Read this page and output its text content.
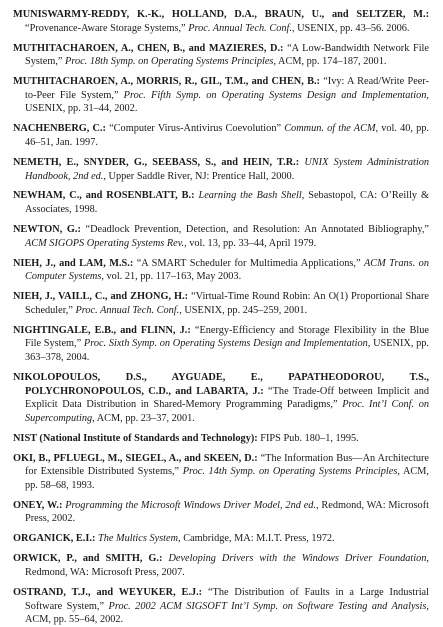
MUNISWARMY-REDDY, K.-K., HOLLAND, D.A., BRAUN, U., and SELTZER, M.: “Provenance-Aware Storage Systems,” Proc. Annual Tech. Conf., USENIX, pp. 43–56. 2006.
MUTHITACHAROEN, A., CHEN, B., and MAZIERES, D.: “A Low-Bandwidth Network File System,” Proc. 18th Symp. on Operating Systems Principles, ACM, pp. 174–187, 2001.
MUTHITACHAROEN, A., MORRIS, R., GIL, T.M., and CHEN, B.: “Ivy: A Read/Write Peer-to-Peer File System,” Proc. Fifth Symp. on Operating Systems Design and Implementation, USENIX, pp. 31–44, 2002.
NACHENBERG, C.: “Computer Virus-Antivirus Coevolution” Commun. of the ACM, vol. 40, pp. 46–51, Jan. 1997.
NEMETH, E., SNYDER, G., SEEBASS, S., and HEIN, T.R.: UNIX System Administration Handbook, 2nd ed., Upper Saddle River, NJ: Prentice Hall, 2000.
NEWHAM, C., and ROSENBLATT, B.: Learning the Bash Shell, Sebastopol, CA: O’Reilly & Associates, 1998.
NEWTON, G.: “Deadlock Prevention, Detection, and Resolution: An Annotated Bibliography,” ACM SIGOPS Operating Systems Rev., vol. 13, pp. 33–44, April 1979.
NIEH, J., and LAM, M.S.: “A SMART Scheduler for Multimedia Applications,” ACM Trans. on Computer Systems, vol. 21, pp. 117–163, May 2003.
NIEH, J., VAILL, C., and ZHONG, H.: “Virtual-Time Round Robin: An O(1) Proportional Share Scheduler,” Proc. Annual Tech. Conf., USENIX, pp. 245–259, 2001.
NIGHTINGALE, E.B., and FLINN, J.: “Energy-Efficiency and Storage Flexibility in the Blue File System,” Proc. Sixth Symp. on Operating Systems Design and Implementation, USENIX, pp. 363–378, 2004.
NIKOLOPOULOS, D.S., AYGUADE, E., PAPATHEODOROU, T.S., POLYCHRONOPOULOS, C.D., and LABARTA, J.: “The Trade-Off between Implicit and Explicit Data Distribution in Shared-Memory Programming Paradigms,” Proc. Int’l Conf. on Supercomputing, ACM, pp. 23–37, 2001.
NIST (National Institute of Standards and Technology): FIPS Pub. 180–1, 1995.
OKI, B., PFLUEGL, M., SIEGEL, A., and SKEEN, D.: “The Information Bus—An Architecture for Extensible Distributed Systems,” Proc. 14th Symp. on Operating Systems Principles, ACM, pp. 58–68, 1993.
ONEY, W.: Programming the Microsoft Windows Driver Model, 2nd ed., Redmond, WA: Microsoft Press, 2002.
ORGANICK, E.I.: The Multics System, Cambridge, MA: M.I.T. Press, 1972.
ORWICK, P., and SMITH, G.: Developing Drivers with the Windows Driver Foundation, Redmond, WA: Microsoft Press, 2007.
OSTRAND, T.J., and WEYUKER, E.J.: “The Distribution of Faults in a Large Industrial Software System,” Proc. 2002 ACM SIGSOFT Int’l Symp. on Software Testing and Analysis, ACM, pp. 55–64, 2002.
